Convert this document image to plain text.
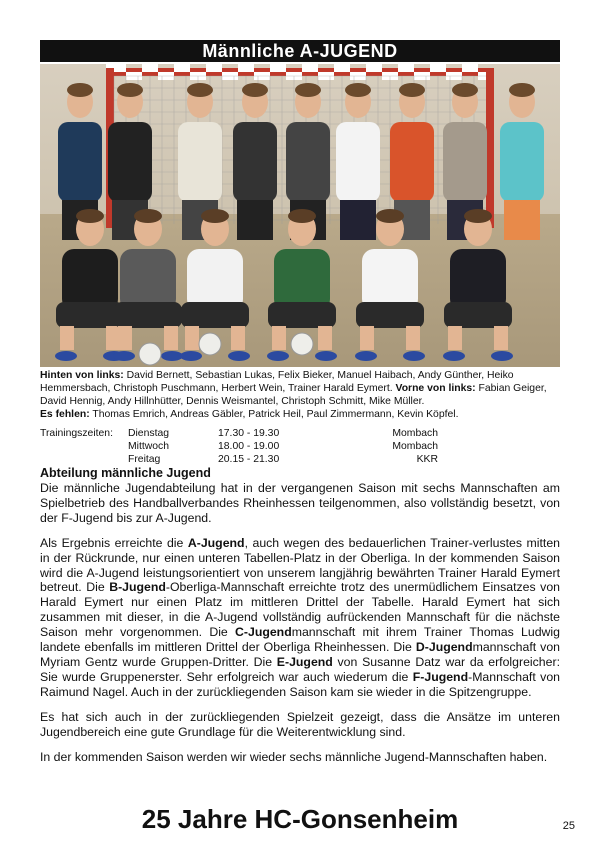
Männliche A-JUGEND
Hinten von links: David Bernett, Sebastian Lukas, Felix Bieker, Manuel Haibach, Andy Günther, Heiko Hemmersbach, Christoph Puschmann, Herbert Wein, Trainer Harald Eymert. Vorne von links: Fabian Geiger, David Hennig, Andy Hillnhütter, Dennis Weismantel, Christoph Schmitt, Mike Müller.
Es fehlen: Thomas Emrich, Andreas Gäbler, Patrick Heil, Paul Zimmermann, Kevin Köpfel.
Trainingszeiten:	Dienstag	17.30 - 19.30	Mombach
Mittwoch	18.00 - 19.00	Mombach
Freitag	20.15 - 21.30	KKR
Abteilung männliche Jugend

Die männliche Jugendabteilung hat in der vergangenen Saison mit sechs Mannschaften am Spielbetrieb des Handballverbandes Rheinhessen teilgenommen, also vollständig besetzt, von der F-Jugend bis zur A-Jugend.

Als Ergebnis erreichte die A-Jugend, auch wegen des bedauerlichen Trainer-verlustes mitten in der Rückrunde, nur einen unteren Tabellen-Platz in der Oberliga. In der kommenden Saison wird die A-Jugend leistungsorientiert von unserem langjährig bewährten Trainer Harald Eymert betreut. Die B-Jugend-Oberliga-Mannschaft erreichte trotz des unermüdlichem Einsatzes von Harald Eymert nur einen Platz im mittleren Drittel der Tabelle. Harald Eymert hat sich zusammen mit dieser, in die A-Jugend vollständig aufrückenden Mannschaft für die nächste Saison mehr vorgenommen. Die C-Jugendmannschaft mit ihrem Trainer Thomas Ludwig landete ebenfalls im mittleren Drittel der Oberliga Rheinhessen. Die D-Jugendmannschaft von Myriam Gentz wurde Gruppen-Dritter. Die E-Jugend von Susanne Datz war da erfolgreicher: Sie wurde Gruppenerster. Sehr erfolgreich war auch wiederum die F-Jugend-Mannschaft von Raimund Nagel. Auch in der zurückliegenden Saison kam sie wieder in die Spitzengruppe.

Es hat sich auch in der zurückliegenden Spielzeit gezeigt, dass die Ansätze im unteren Jugendbereich eine gute Grundlage für die Weiterentwicklung sind.

In der kommenden Saison werden wir wieder sechs männliche Jugend-Mannschaften haben.

25 Jahre HC-Gonsenheim	25
